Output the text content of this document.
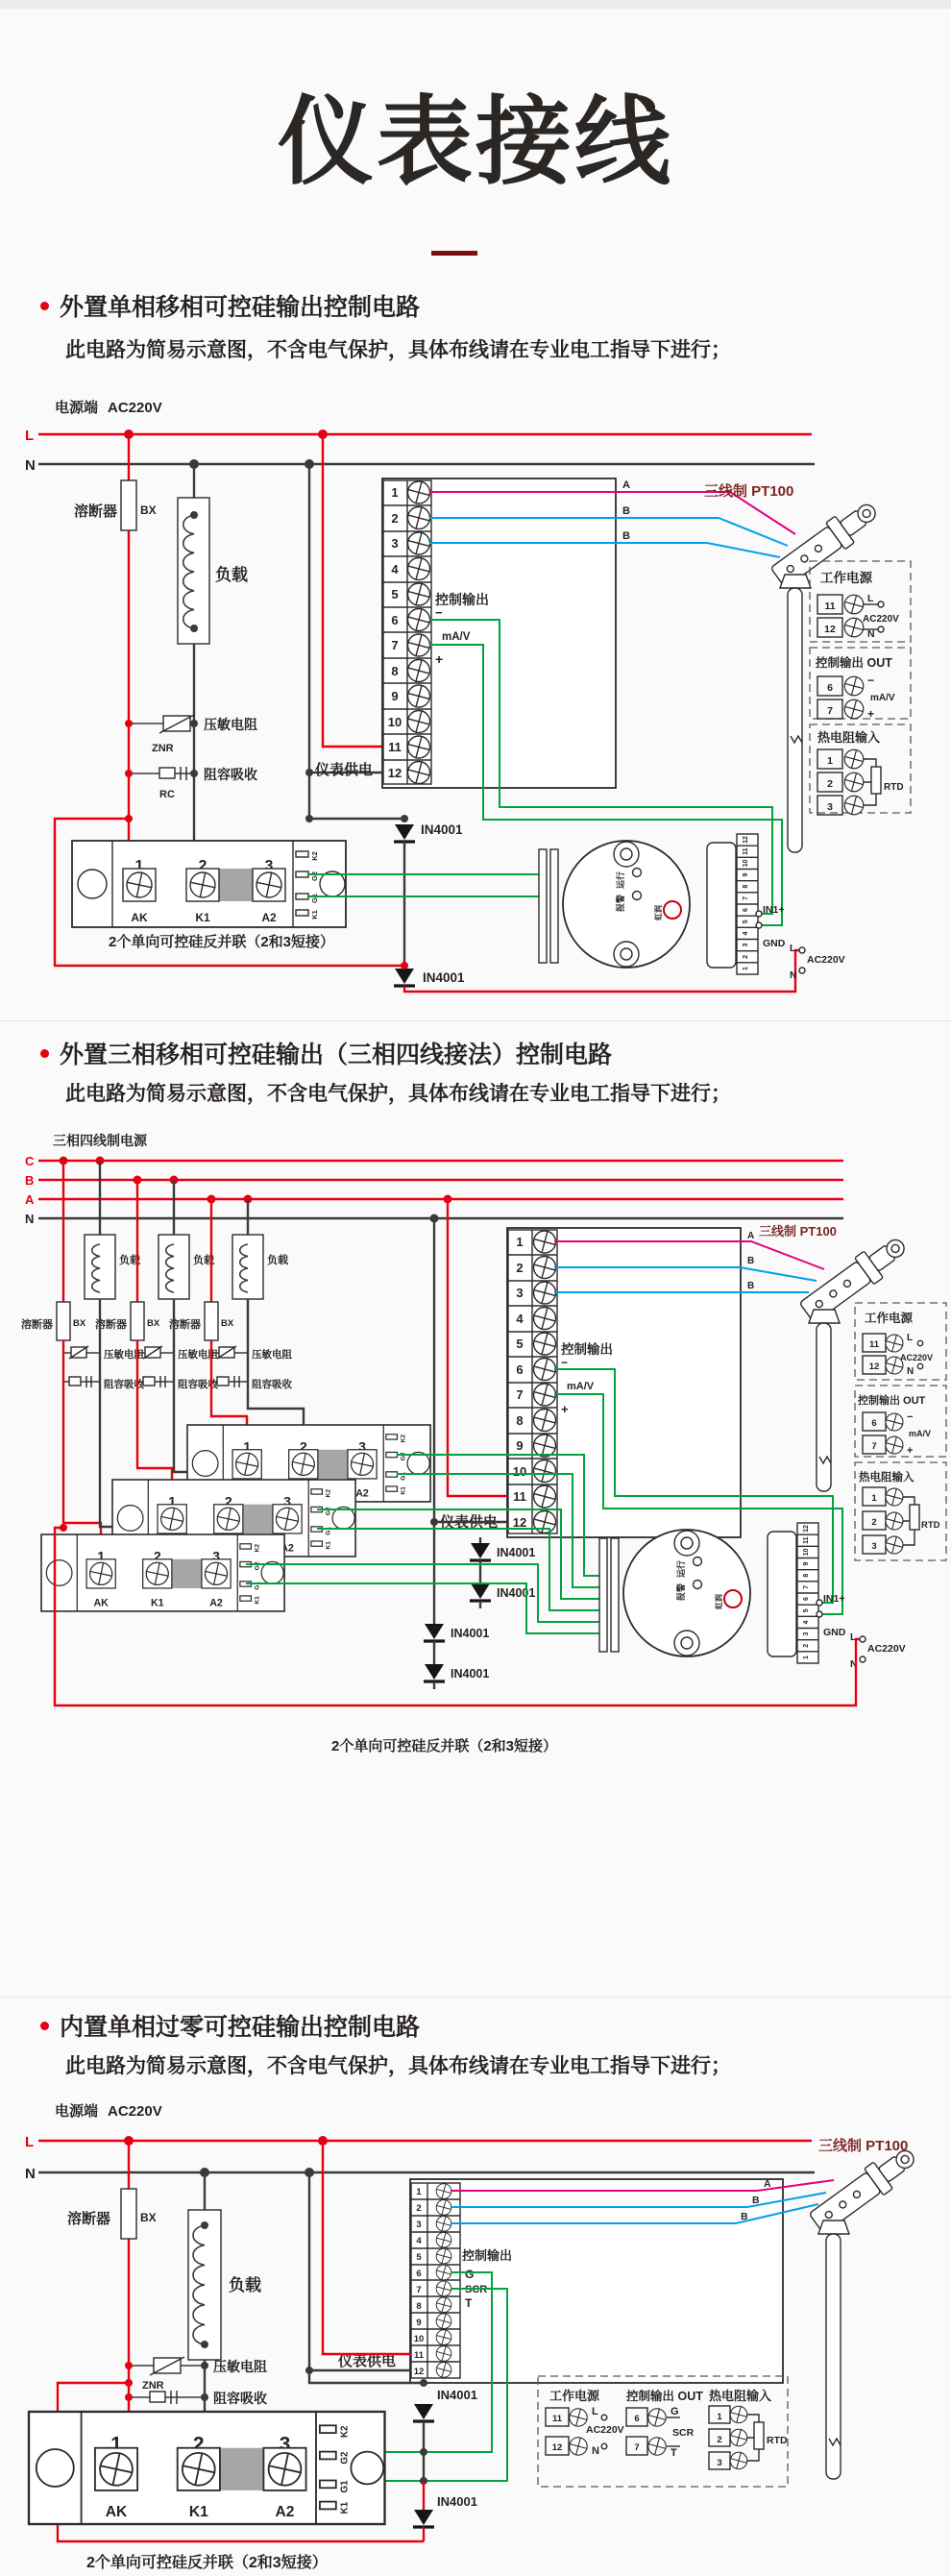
仪表接线
外置单相移相可控硅输出控制电路
此电路为简易示意图，不含电气保护，具体布线请在专业电工指导下进行；
外置三相移相可控硅输出（三相四线接法）控制电路
此电路为简易示意图，不含电气保护，具体布线请在专业电工指导下进行；
内置单相过零可控硅输出控制电路
此电路为简易示意图，不含电气保护，具体布线请在专业电工指导下进行；
1	2	3
AK	K1	A2
K2
G2
G1
K1
虹润	6
5
4
3
2
1
IN1+
GND L
AC220V
N
电源端 AC220V
L
N
溶断器 BX
负载
压敏电阻
ZNR
阻容吸收
RC
1
2
3
4
5
6
7
8
9
10
11
12
控制输出
−
mA/V
+
仪表供电
A
B
B
IN4001
IN4001
2个单向可控硅反并联（2和3短接）
三线制 PT100
工作电源
11
L
AC220V
12	N
控制输出 OUT
6
−
mA/V
7	+
热电阻输入
1
2
3
RTD
三相四线制电源
C
B
A
N
负载	负载	负载
溶断器 BX 溶断器 BX 溶断器 BX
压敏电阻	压敏电阻	压敏电阻
阻容吸收	阻容吸收	阻容吸收
1
2
3
4
5
6
7
8
9
10
11
12
控制输出
−
mA/V
+
仪表供电
A
B
B
三线制 PT100
IN4001
IN4001
IN4001
IN4001
2个单向可控硅反并联（2和3短接）
工作电源
11
L
AC220V
12	N
控制输出 OUT
6
−
mA/V
7	+
热电阻输入
1
2
3
RTD
电源端 AC220V
L
N
溶断器	BX
负载
压敏电阻
ZNR
阻容吸收
1
2
3
4
5
6
7
8
9
10
11
12
控制输出
G
SCR
T
仪表供电
A
B
B
三线制 PT100
IN4001
IN4001
2个单向可控硅反并联（2和3短接）
工作电源
11
L
AC220V
12	N
控制输出 OUT
6
G
SCR
7	T
热电阻输入
1
2
3
RTD
